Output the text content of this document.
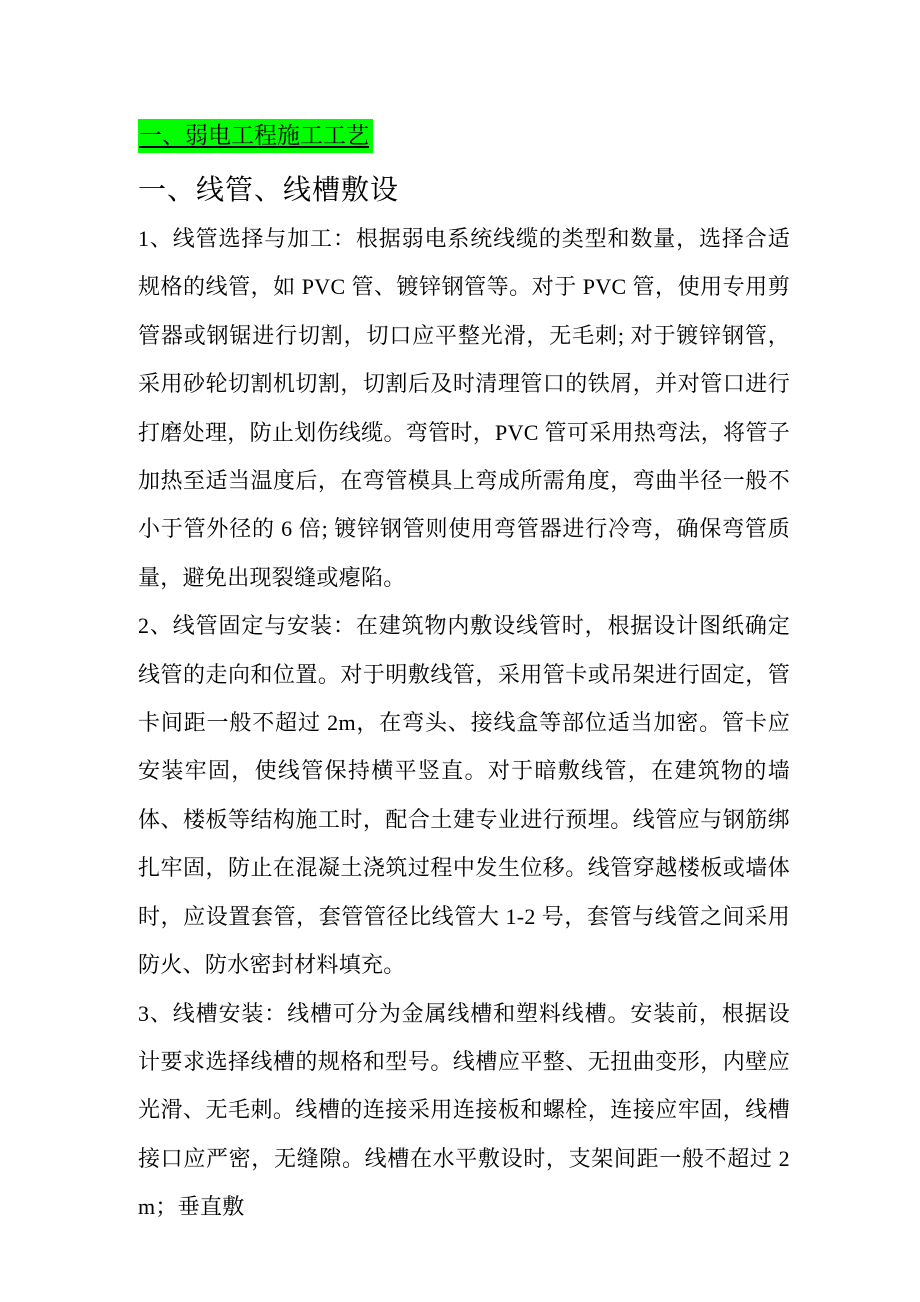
一、弱电工程施工工艺
一、线管、线槽敷设

1、线管选择与加工：根据弱电系统线缆的类型和数量，选择合适规格的线管，如 PVC 管、镀锌钢管等。对于 PVC 管，使用专用剪管器或钢锯进行切割，切口应平整光滑，无毛刺; 对于镀锌钢管，采用砂轮切割机切割，切割后及时清理管口的铁屑，并对管口进行打磨处理，防止划伤线缆。弯管时，PVC 管可采用热弯法，将管子加热至适当温度后，在弯管模具上弯成所需角度，弯曲半径一般不小于管外径的 6 倍; 镀锌钢管则使用弯管器进行冷弯，确保弯管质量，避免出现裂缝或瘪陷。

2、线管固定与安装：在建筑物内敷设线管时，根据设计图纸确定线管的走向和位置。对于明敷线管，采用管卡或吊架进行固定，管卡间距一般不超过 2m，在弯头、接线盒等部位适当加密。管卡应安装牢固，使线管保持横平竖直。对于暗敷线管，在建筑物的墙体、楼板等结构施工时，配合土建专业进行预埋。线管应与钢筋绑扎牢固，防止在混凝土浇筑过程中发生位移。线管穿越楼板或墙体时，应设置套管，套管管径比线管大 1-2 号，套管与线管之间采用防火、防水密封材料填充。

3、线槽安装：线槽可分为金属线槽和塑料线槽。安装前，根据设计要求选择线槽的规格和型号。线槽应平整、无扭曲变形，内壁应光滑、无毛刺。线槽的连接采用连接板和螺栓，连接应牢固，线槽接口应严密，无缝隙。线槽在水平敷设时，支架间距一般不超过 2m；垂直敷
